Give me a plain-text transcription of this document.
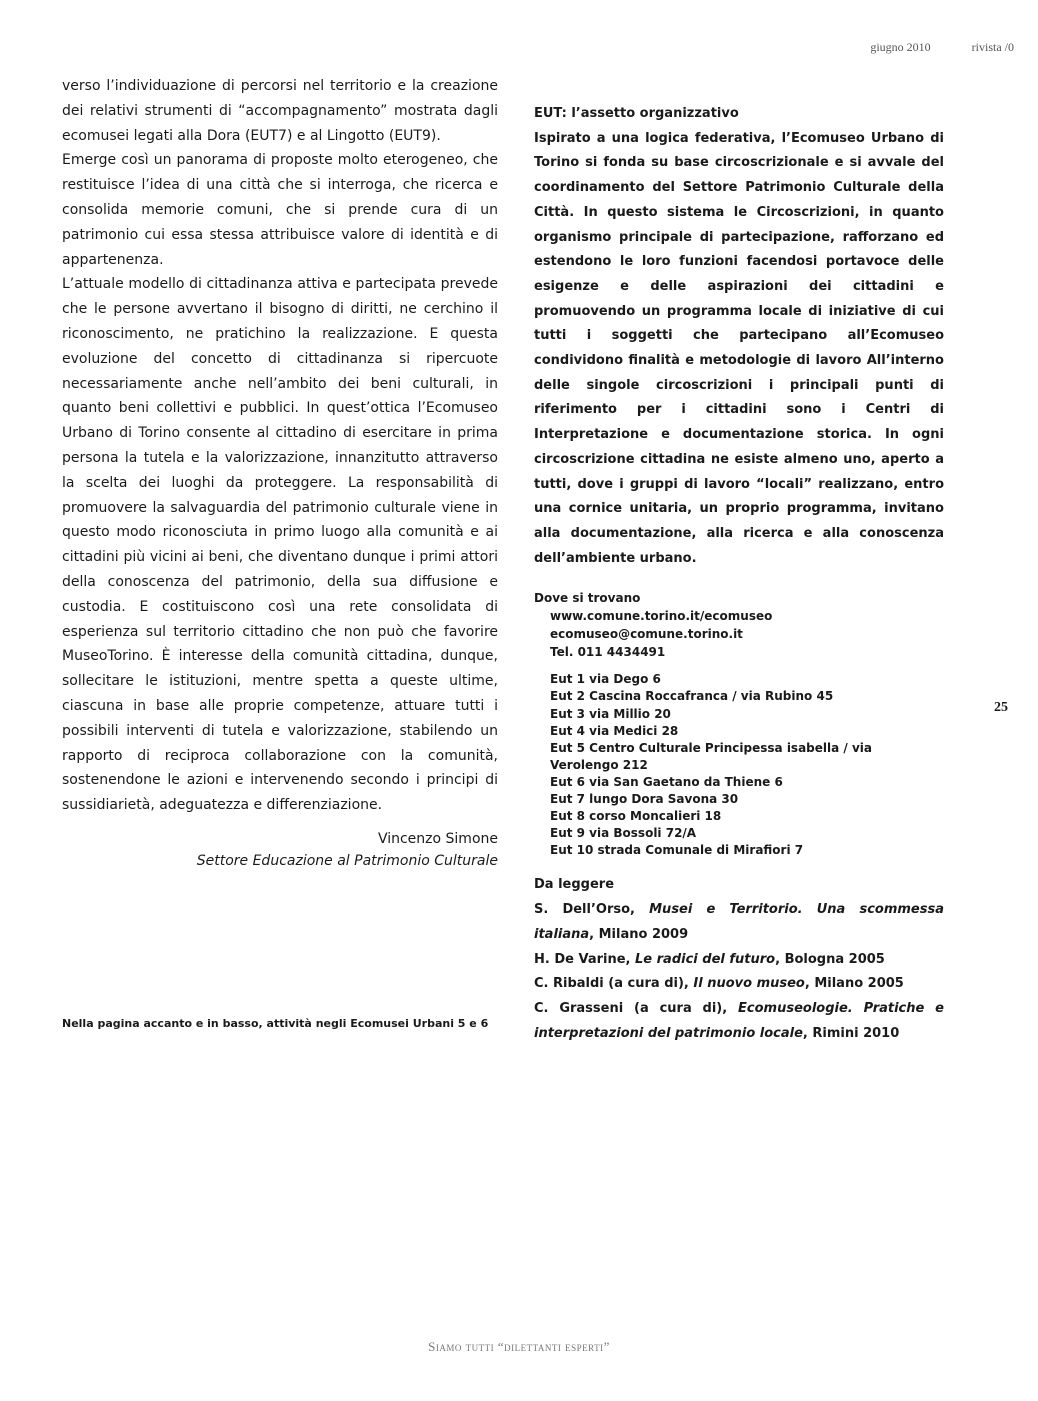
giugno 2010	rivista /0

verso l’individuazione di percorsi nel territorio e la creazione dei relativi strumenti di “accompagnamento” mostrata dagli ecomusei legati alla Dora (EUT7) e al Lingotto (EUT9).

Emerge così un panorama di proposte molto eterogeneo, che restituisce l’idea di una città che si interroga, che ricerca e consolida memorie comuni, che si prende cura di un patrimonio cui essa stessa attribuisce valore di identità e di appartenenza.

L’attuale modello di cittadinanza attiva e partecipata prevede che le persone avvertano il bisogno di diritti, ne cerchino il riconoscimento, ne pratichino la realizzazione. E questa evoluzione del concetto di cittadinanza si ripercuote necessariamente anche nell’ambito dei beni culturali, in quanto beni collettivi e pubblici. In quest’ottica l’Ecomuseo Urbano di Torino consente al cittadino di esercitare in prima persona la tutela e la valorizzazione, innanzitutto attraverso la scelta dei luoghi da proteggere. La responsabilità di promuovere la salvaguardia del patrimonio culturale viene in questo modo riconosciuta in primo luogo alla comunità e ai cittadini più vicini ai beni, che diventano dunque i primi attori della conoscenza del patrimonio, della sua diffusione e custodia. E costituiscono così una rete consolidata di esperienza sul territorio cittadino che non può che favorire MuseoTorino. È interesse della comunità cittadina, dunque, sollecitare le istituzioni, mentre spetta a queste ultime, ciascuna in base alle proprie competenze, attuare tutti i possibili interventi di tutela e valorizzazione, stabilendo un rapporto di reciproca collaborazione con la comunità, sostenendone le azioni e intervenendo secondo i principi di sussidiarietà, adeguatezza e differenziazione.

Vincenzo Simone
Settore Educazione al Patrimonio Culturale
Nella pagina accanto e in basso, attività negli Ecomusei Urbani 5 e 6
EUT: l’assetto organizzativo

Ispirato a una logica federativa, l’Ecomuseo Urbano di Torino si fonda su base circoscrizionale e si avvale del coordinamento del Settore Patrimonio Culturale della Città. In questo sistema le Circoscrizioni, in quanto organismo principale di partecipazione, rafforzano ed estendono le loro funzioni facendosi portavoce delle esigenze e delle aspirazioni dei cittadini e promuovendo un programma locale di iniziative di cui tutti i soggetti che partecipano all’Ecomuseo condividono finalità e metodologie di lavoro All’interno delle singole circoscrizioni i principali punti di riferimento per i cittadini sono i Centri di Interpretazione e documentazione storica. In ogni circoscrizione cittadina ne esiste almeno uno, aperto a tutti, dove i gruppi di lavoro “locali” realizzano, entro una cornice unitaria, un proprio programma, invitano alla documentazione, alla ricerca e alla conoscenza dell’ambiente urbano.

Dove si trovano
www.comune.torino.it/ecomuseo
ecomuseo@comune.torino.it
Tel. 011 4434491
Eut 1 via Dego 6
Eut 2 Cascina Roccafranca / via Rubino 45
Eut 3 via Millio 20
Eut 4 via Medici 28
Eut 5 Centro Culturale Principessa isabella / via Verolengo 212
Eut 6 via San Gaetano da Thiene 6
Eut 7 lungo Dora Savona 30
Eut 8 corso Moncalieri 18
Eut 9 via Bossoli 72/A
Eut 10 strada Comunale di Mirafiori 7
Da leggere
S. Dell’Orso, Musei e Territorio. Una scommessa italiana, Milano 2009
H. De Varine, Le radici del futuro, Bologna 2005
C. Ribaldi (a cura di), Il nuovo museo, Milano 2005
C. Grasseni (a cura di), Ecomuseologie. Pratiche e interpretazioni del patrimonio locale, Rimini 2010
25
Siamo tutti “dilettanti esperti”
